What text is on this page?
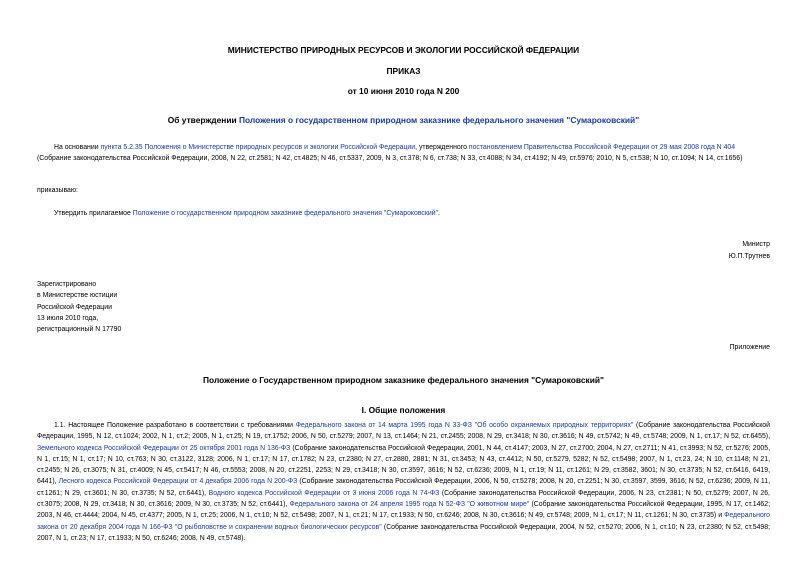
МИНИСТЕРСТВО ПРИРОДНЫХ РЕСУРСОВ И ЭКОЛОГИИ РОССИЙСКОЙ ФЕДЕРАЦИИ
ПРИКАЗ
от 10 июня 2010 года N 200
Об утверждении Положения о государственном природном заказнике федерального значения "Сумароковский"

На основании пункта 5.2.35 Положения о Министерстве природных ресурсов и экологии Российской Федерации, утвержденного постановлением Правительства Российской Федерации от 29 мая 2008 года N 404 (Собрание законодательства Российской Федерации, 2008, N 22, ст.2581; N 42, ст.4825; N 46, ст.5337, 2009, N 3, ст.378; N 6, ст.738; N 33, ст.4088; N 34, ст.4192; N 49, ст.5976; 2010, N 5, ст.538; N 10, ст.1094; N 14, ст.1656)

приказываю:

Утвердить прилагаемое Положение о государственном природном заказнике федерального значения "Сумароковский".

Министр
Ю.П.Трутнев
Зарегистрировано
в Министерстве юстиции
Российской Федерации
13 июля 2010 года,
регистрационный N 17790
Приложение
Положение о Государственном природном заказнике федерального значения "Сумароковский"
I. Общие положения

1.1. Настоящее Положение разработано в соответствии с требованиями Федерального закона от 14 марта 1995 года N 33-ФЗ "Об особо охраняемых природных территориях" (Собрание законодательства Российской Федерации, 1995, N 12, ст.1024; 2002, N 1, ст.2; 2005, N 1, ст.25; N 19, ст.1752; 2006, N 50, ст.5279; 2007, N 13, ст.1464; N 21, ст.2455; 2008, N 29, ст.3418; N 30, ст.3616; N 49, ст.5742; N 49, ст.5748; 2009, N 1, ст.17; N 52, ст.6455), Земельного кодекса Российской Федерации от 25 октября 2001 года N 136-ФЗ (Собрание законодательства Российской Федерации, 2001, N 44, ст.4147; 2003, N 27, ст.2700; 2004, N 27, ст.2711; N 41, ст.3993; N 52, ст.5276; 2005, N 1, ст.15; N 1, ст.17; N 10, ст.763; N 30, ст.3122, 3128; 2006, N 1, ст.17; N 17, ст.1782; N 23, ст.2380; N 27, ст.2880, 2881; N 31, ст.3453; N 43, ст.4412; N 50, ст.5279, 5282; N 52, ст.5498; 2007, N 1, ст.23, 24; N 10, ст.1148; N 21, ст.2455; N 26, ст.3075; N 31, ст.4009; N 45, ст.5417; N 46, ст.5553; 2008, N 20, ст.2251, 2253; N 29, ст.3418; N 30, ст.3597, 3616; N 52, ст.6236; 2009, N 1, ст.19; N 11, ст.1261; N 29, ст.3582, 3601; N 30, ст.3735; N 52, ст.6416, 6419, 6441), Лесного кодекса Российской Федерации от 4 декабря 2006 года N 200-ФЗ (Собрание законодательства Российской Федерации, 2006, N 50, ст.5278; 2008, N 20, ст.2251; N 30, ст.3597, 3599, 3616; N 52, ст.6236; 2009, N 11, ст.1261; N 29, ст.3601; N 30, ст.3735; N 52, ст.6441), Водного кодекса Российской Федерации от 3 июня 2006 года N 74-ФЗ (Собрание законодательства Российской Федерации, 2006, N 23, ст.2381; N 50, ст.5279; 2007, N 26, ст.3075; 2008, N 29, ст.3418; N 30, ст.3616; 2009, N 30, ст.3735; N 52, ст.6441), Федерального закона от 24 апреля 1995 года N 52-ФЗ "О животном мире" (Собрание законодательства Российской Федерации, 1995, N 17, ст.1462; 2003, N 46, ст.4444; 2004, N 45, ст.4377; 2005, N 1, ст.25; 2006, N 1, ст.10; N 52, ст.5498; 2007, N 1, ст.21; N 17, ст.1933; N 50, ст.6246; 2008, N 30, ст.3616; N 49, ст.5748; 2009, N 1, ст.17; N 11, ст.1261; N 30, ст.3735) и Федерального закона от 20 декабря 2004 года N 166-ФЗ "О рыболовстве и сохранении водных биологических ресурсов" (Собрание законодательства Российской Федерации, 2004, N 52, ст.5270; 2006, N 1, ст.10; N 23, ст.2380; N 52, ст.5498; 2007, N 1, ст.23; N 17, ст.1933; N 50, ст.6246; 2008, N 49, ст.5748).
